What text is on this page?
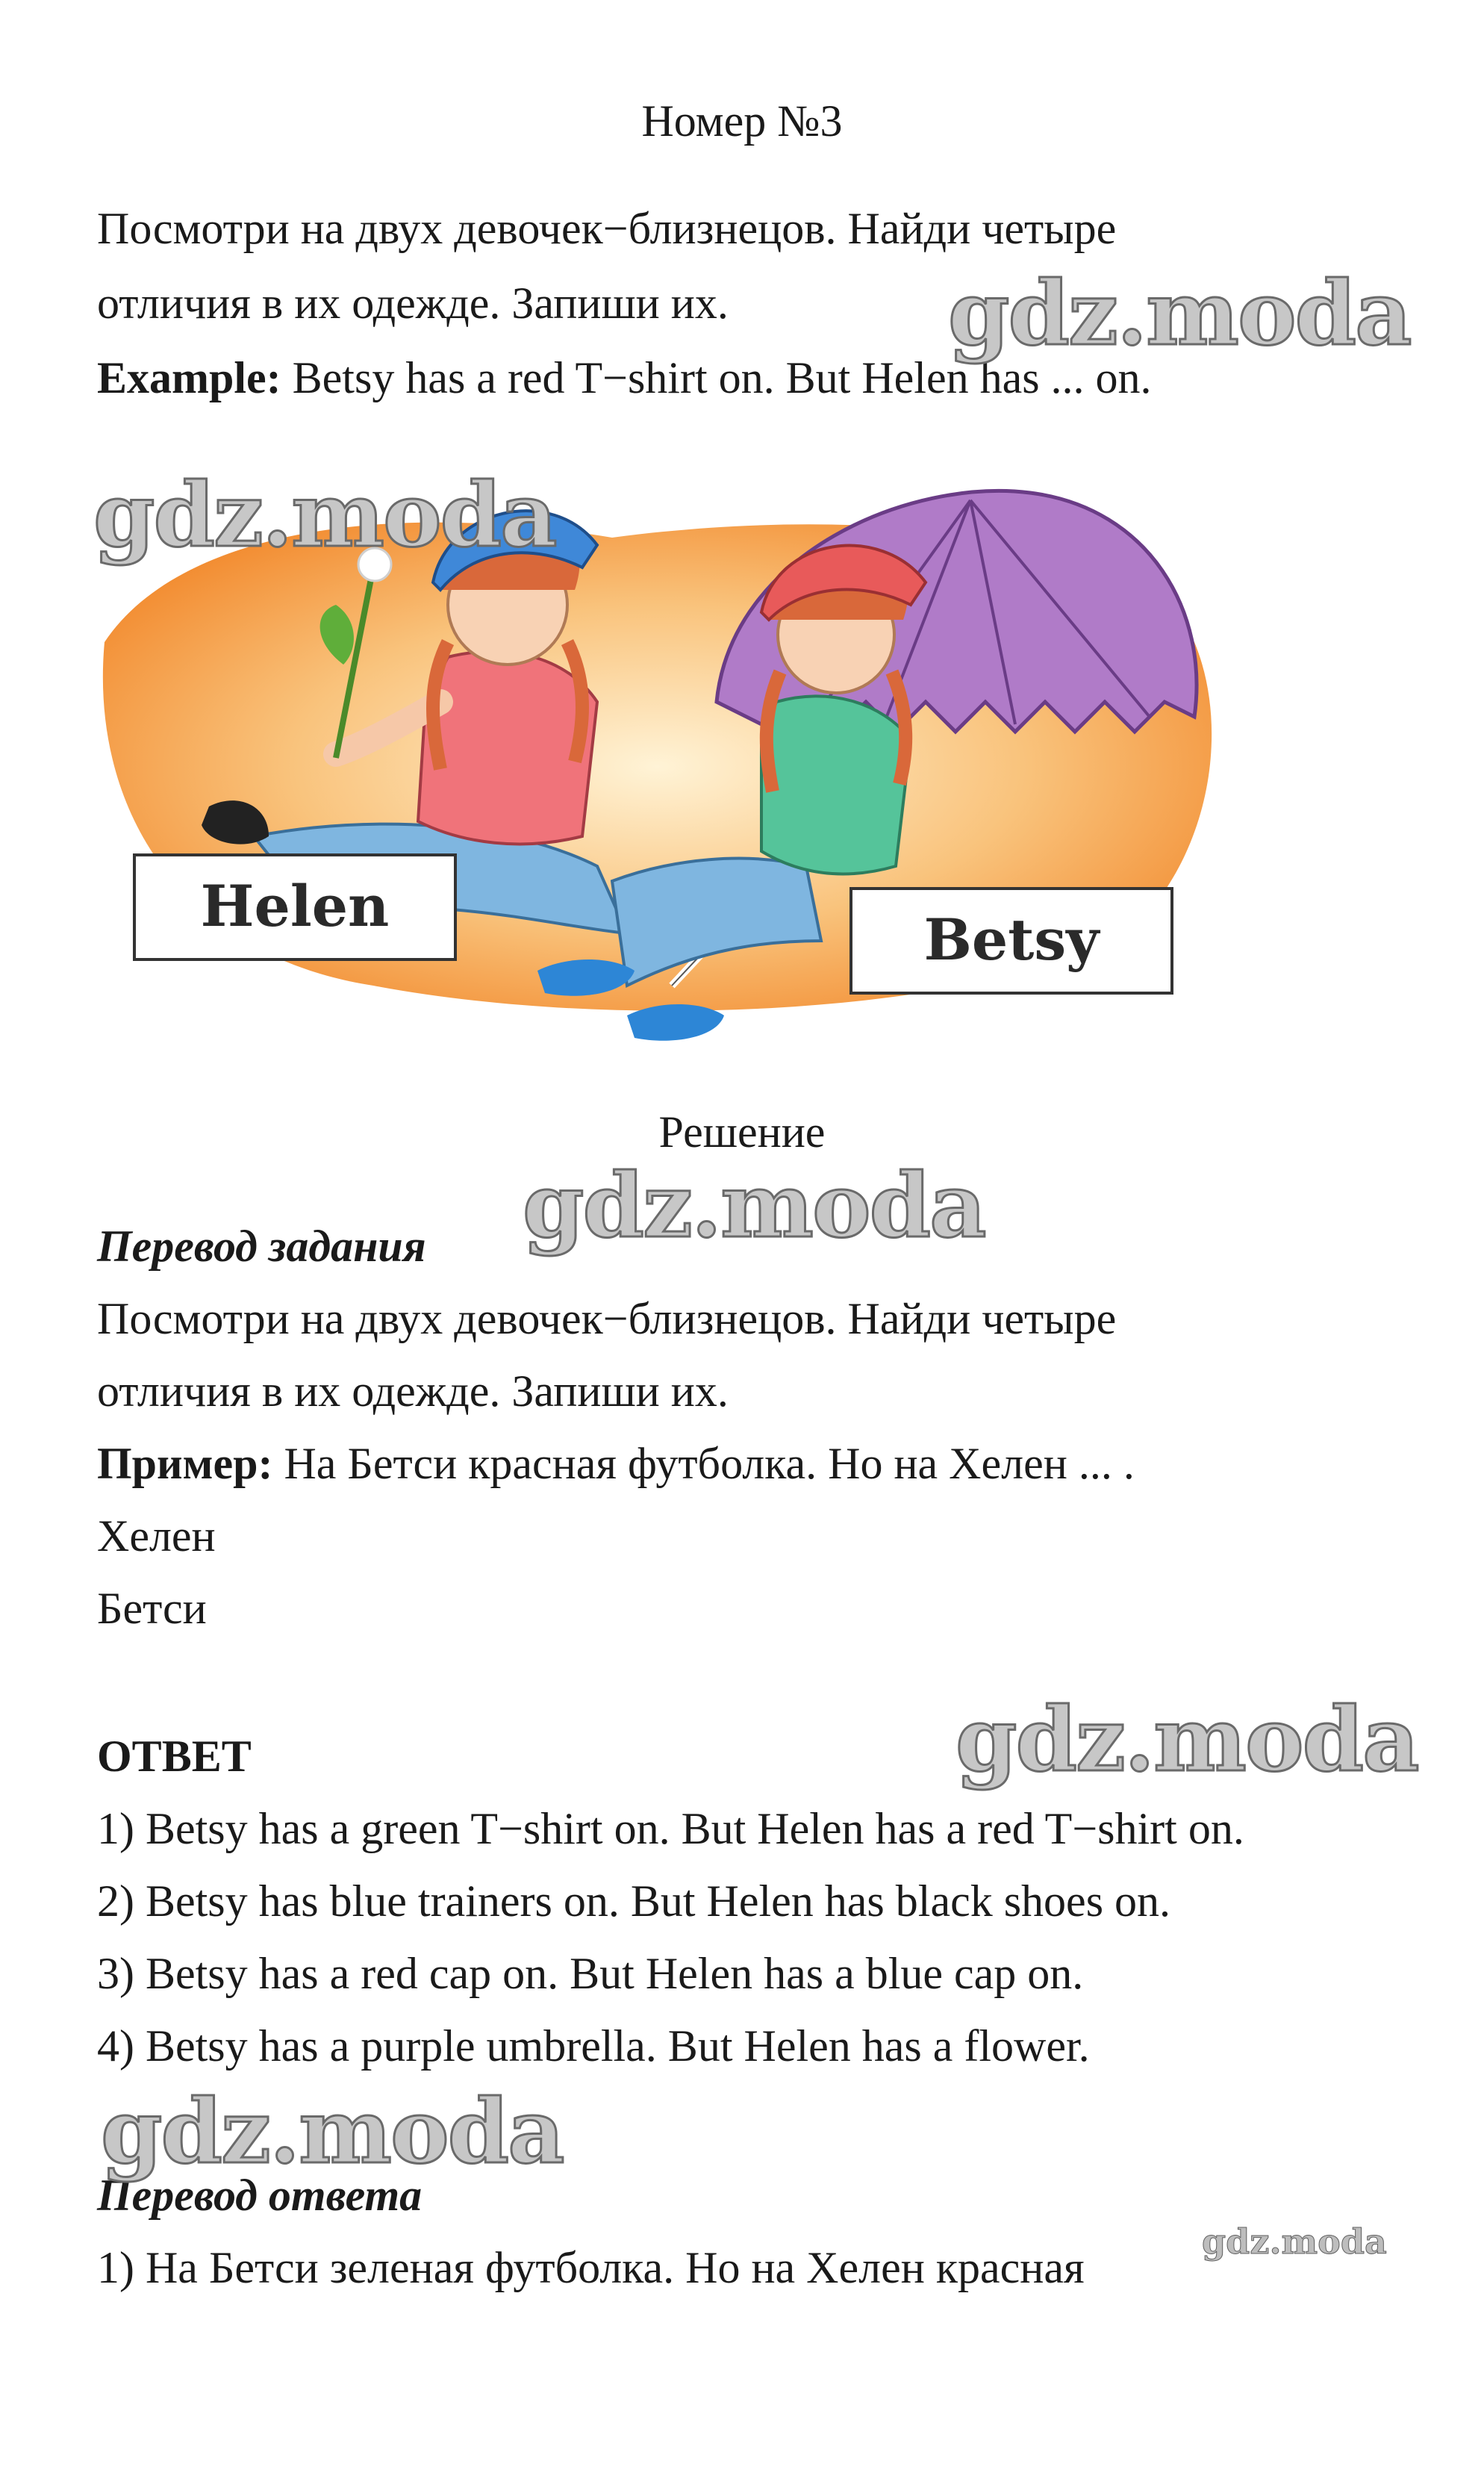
Номер №3
Посмотри на двух девочек−близнецов. Найди четыре
отличия в их одежде. Запиши их.
Example: Betsy has a red T−shirt on. But Helen has ... on.
Helen
Betsy
Решение
Перевод задания
Посмотри на двух девочек−близнецов. Найди четыре
отличия в их одежде. Запиши их.
Пример: На Бетси красная футболка. Но на Хелен ... .
Хелен
Бетси
ОТВЕТ
1) Betsy has a green T−shirt on. But Helen has a red T−shirt on.
2) Betsy has blue trainers on. But Helen has black shoes on.
3) Betsy has a red cap on. But Helen has a blue cap on.
4) Betsy has a purple umbrella. But Helen has a flower.
Перевод ответа
1) На Бетси зеленая футболка. Но на Хелен красная
gdz.moda
gdz.moda
gdz.moda
gdz.moda
gdz.moda
gdz.moda
